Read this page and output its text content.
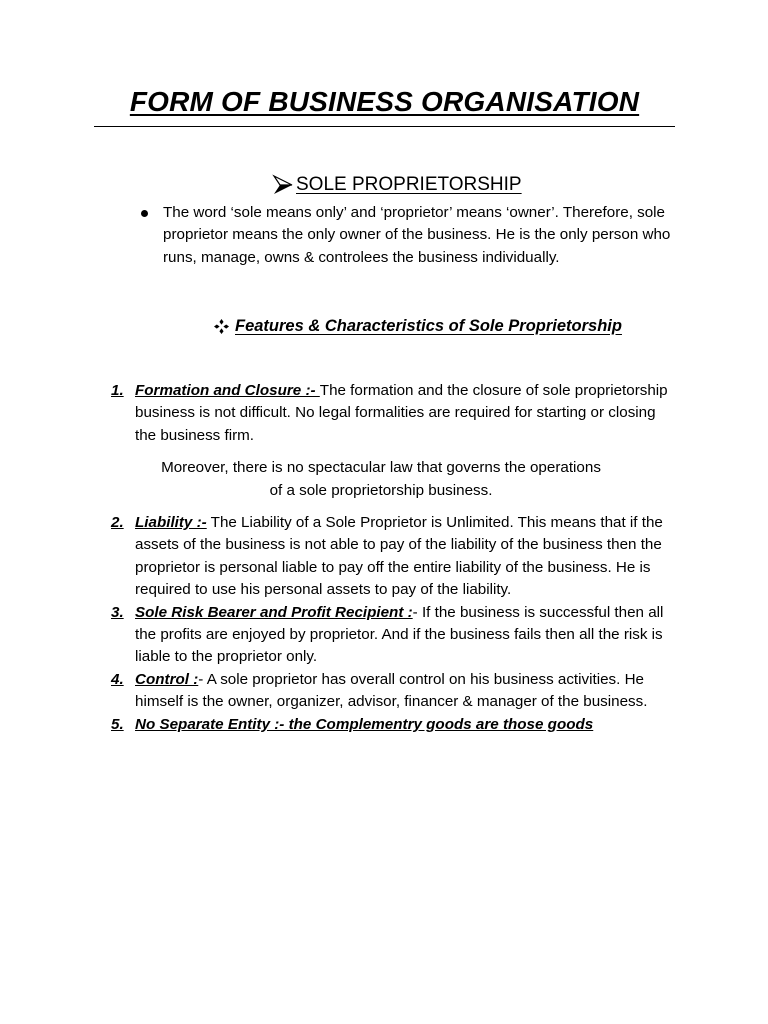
FORM OF BUSINESS ORGANISATION
SOLE PROPRIETORSHIP
The word ‘sole means only’ and ‘proprietor’ means ‘owner’. Therefore, sole proprietor means the only owner of the business. He is the only person who runs, manage, owns & controlees the business individually.
Features & Characteristics of Sole Proprietorship
1. Formation and Closure :- The formation and the closure of sole proprietorship business is not difficult. No legal formalities are required for starting or closing the business firm.
Moreover, there is no spectacular law that governs the operations
of a sole proprietorship business.
2. Liability :- The Liability of a Sole Proprietor is Unlimited. This means that if the assets of the business is not able to pay of the liability of the business then the proprietor is personal liable to pay off the entire liability of the business. He is required to use his personal assets to pay of the liability.
3. Sole Risk Bearer and Profit Recipient :- If the business is successful then all the profits are enjoyed by proprietor. And if the business fails then all the risk is liable to the proprietor only.
4. Control :- A sole proprietor has overall control on his business activities. He himself is the owner, organizer, advisor, financer & manager of the business.
5. No Separate Entity :- the Complementry goods are those goods
